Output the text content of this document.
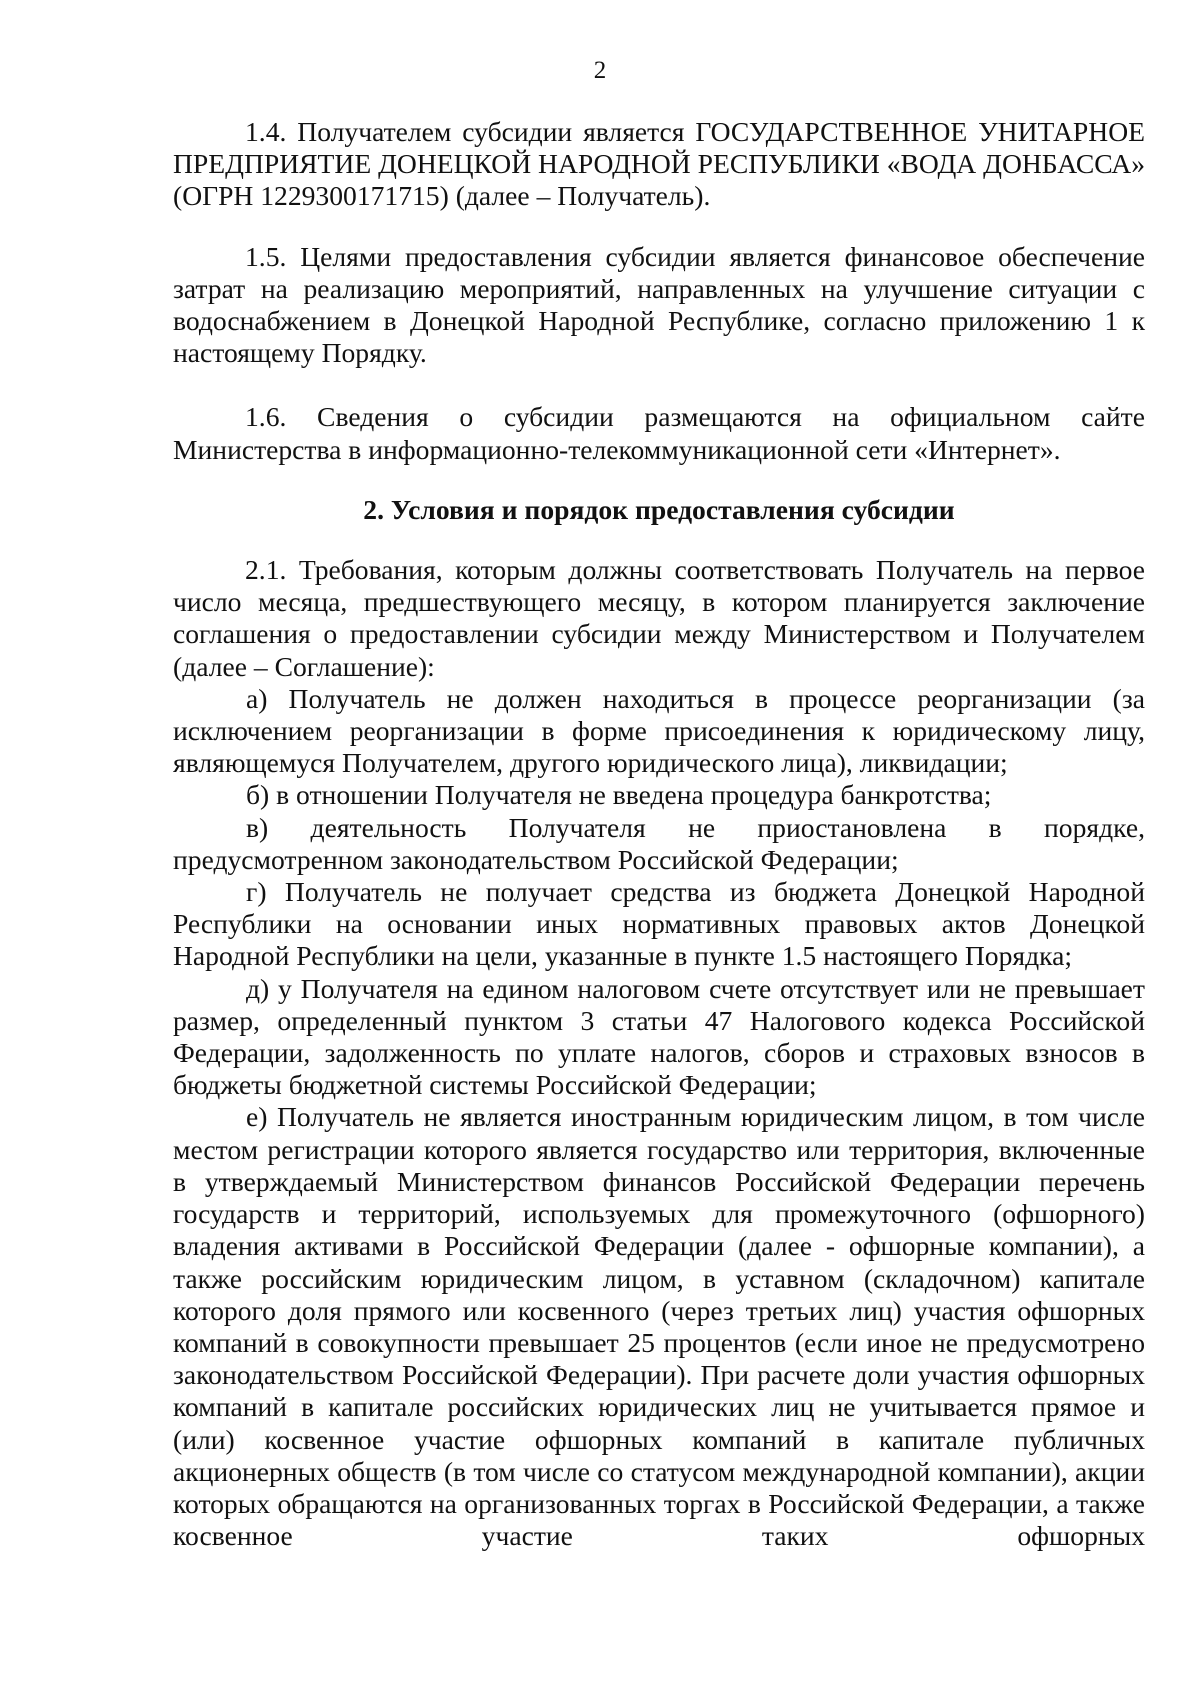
2

1.4. Получателем субсидии является ГОСУДАРСТВЕННОЕ УНИТАРНОЕ ПРЕДПРИЯТИЕ ДОНЕЦКОЙ НАРОДНОЙ РЕСПУБЛИКИ «ВОДА ДОНБАССА» (ОГРН 1229300171715) (далее – Получатель).

1.5. Целями предоставления субсидии является финансовое обеспечение затрат на реализацию мероприятий, направленных на улучшение ситуации с водоснабжением в Донецкой Народной Республике, согласно приложению 1 к настоящему Порядку.

1.6. Сведения о субсидии размещаются на официальном сайте Министерства в информационно-телекоммуникационной сети «Интернет».

2. Условия и порядок предоставления субсидии

2.1. Требования, которым должны соответствовать Получатель на первое число месяца, предшествующего месяцу, в котором планируется заключение соглашения о предоставлении субсидии между Министерством и Получателем (далее – Соглашение):

а) Получатель не должен находиться в процессе реорганизации (за исключением реорганизации в форме присоединения к юридическому лицу, являющемуся Получателем, другого юридического лица), ликвидации;

б) в отношении Получателя не введена процедура банкротства;

в) деятельность Получателя не приостановлена в порядке, предусмотренном законодательством Российской Федерации;

г) Получатель не получает средства из бюджета Донецкой Народной Республики на основании иных нормативных правовых актов Донецкой Народной Республики на цели, указанные в пункте 1.5 настоящего Порядка;

д) у Получателя на едином налоговом счете отсутствует или не превышает размер, определенный пунктом 3 статьи 47 Налогового кодекса Российской Федерации, задолженность по уплате налогов, сборов и страховых взносов в бюджеты бюджетной системы Российской Федерации;

е) Получатель не является иностранным юридическим лицом, в том числе местом регистрации которого является государство или территория, включенные в утверждаемый Министерством финансов Российской Федерации перечень государств и территорий, используемых для промежуточного (офшорного) владения активами в Российской Федерации (далее - офшорные компании), а также российским юридическим лицом, в уставном (складочном) капитале которого доля прямого или косвенного (через третьих лиц) участия офшорных компаний в совокупности превышает 25 процентов (если иное не предусмотрено законодательством Российской Федерации). При расчете доли участия офшорных компаний в капитале российских юридических лиц не учитывается прямое и (или) косвенное участие офшорных компаний в капитале публичных акционерных обществ (в том числе со статусом международной компании), акции которых обращаются на организованных торгах в Российской Федерации, а также косвенное участие таких офшорных
